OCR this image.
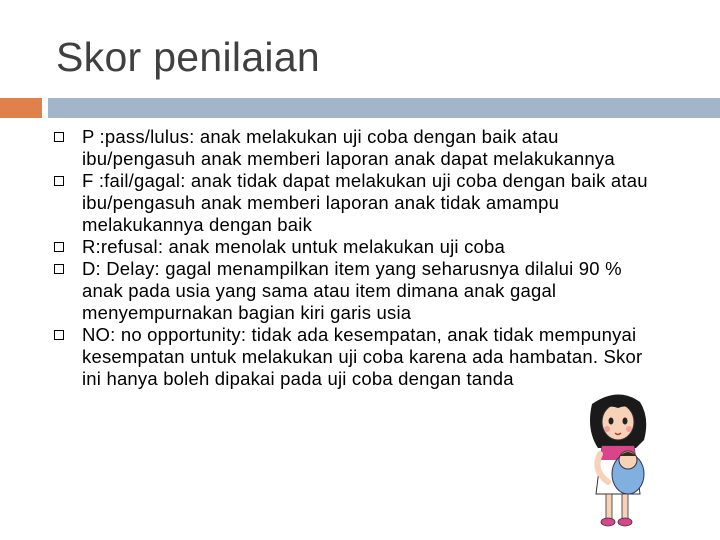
Skor penilaian
P :pass/lulus: anak melakukan uji coba dengan baik atau ibu/pengasuh anak memberi laporan anak dapat melakukannya
F :fail/gagal: anak tidak dapat melakukan uji coba dengan baik atau ibu/pengasuh anak memberi laporan anak tidak amampu melakukannya dengan baik
R:refusal: anak menolak untuk melakukan uji coba
D: Delay: gagal menampilkan item yang seharusnya dilalui 90 % anak pada usia yang sama atau item dimana anak gagal menyempurnakan bagian kiri garis usia
NO: no opportunity: tidak ada kesempatan, anak tidak mempunyai kesempatan untuk melakukan uji coba karena ada hambatan. Skor ini hanya boleh dipakai pada uji coba dengan tanda
